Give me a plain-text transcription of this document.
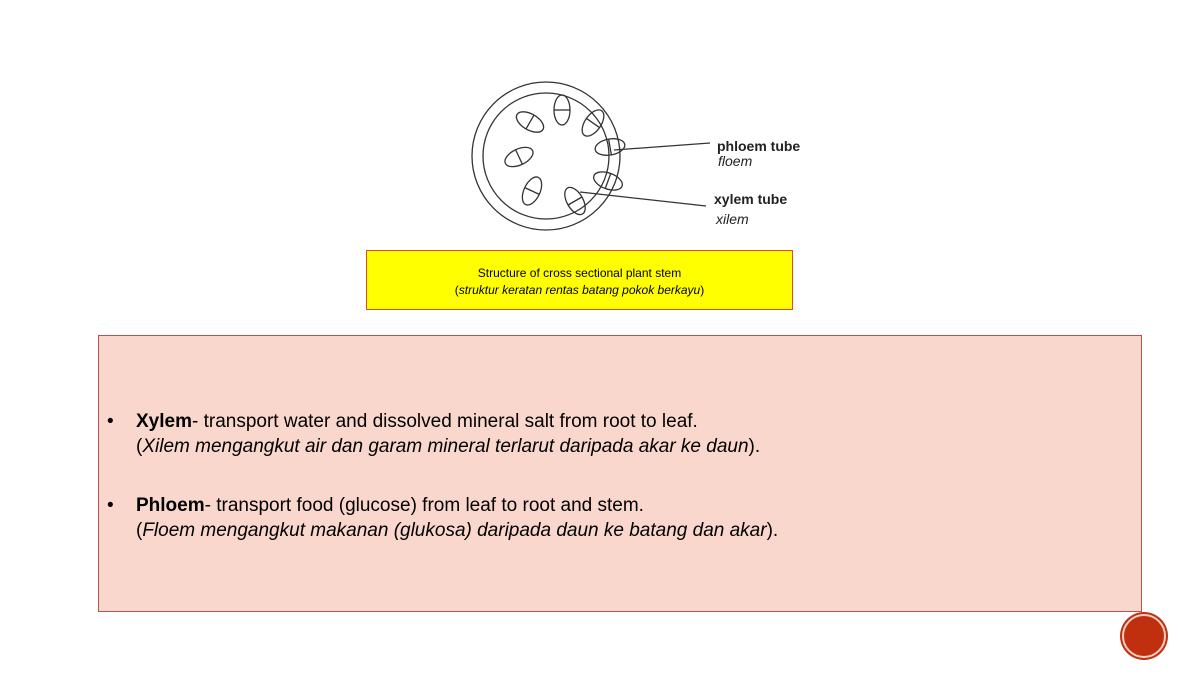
phloem tube
floem
xylem tube
xilem
Structure of cross sectional plant stem
(struktur keratan rentas batang pokok berkayu)
• Xylem- transport water and dissolved mineral salt from root to leaf.
(Xilem mengangkut air dan garam mineral terlarut daripada akar ke daun).
• Phloem- transport food (glucose) from leaf to root and stem.
(Floem mengangkut makanan (glukosa) daripada daun ke batang dan akar).
